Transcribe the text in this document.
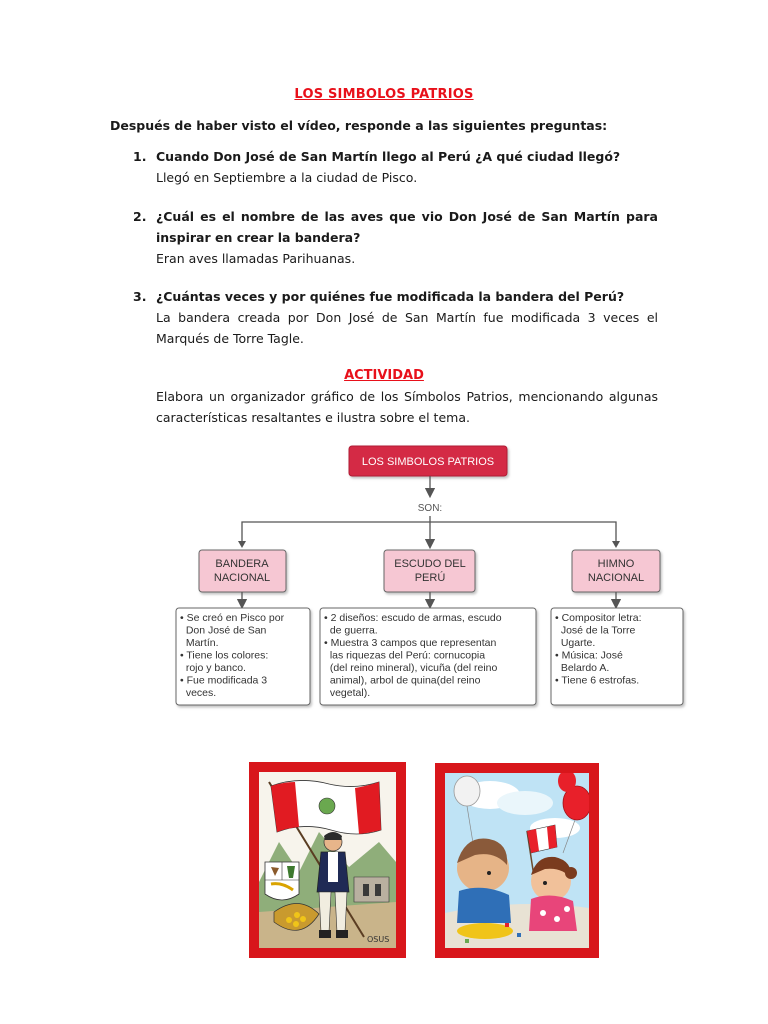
LOS SIMBOLOS PATRIOS
Después de haber visto el vídeo, responde a las siguientes preguntas:
1. Cuando Don José de San Martín llego al Perú ¿A qué ciudad llegó?
Llegó en Septiembre a la ciudad de Pisco.
2. ¿Cuál es el nombre de las aves que vio Don José de San Martín para inspirar en crear la bandera?
Eran aves llamadas Parihuanas.
3. ¿Cuántas veces y por quiénes fue modificada la bandera del Perú?
La bandera creada por Don José de San Martín fue modificada 3 veces el Marqués de Torre Tagle.
ACTIVIDAD
Elabora un organizador gráfico de los Símbolos Patrios, mencionando algunas características resaltantes e ilustra sobre el tema.
LOS SIMBOLOS PATRIOS
SON:
BANDERA
NACIONAL
ESCUDO DEL
PERÚ
HIMNO
NACIONAL
• Se creó en Pisco por
Don José de San
Martín.
• Tiene los colores:
rojo y banco.
• Fue modificada 3
veces.
• 2 diseños: escudo de armas, escudo
de guerra.
• Muestra 3 campos que representan
las riquezas del Perú: cornucopia
(del reino mineral), vicuña (del reino
animal), arbol de quina(del reino
vegetal).
• Compositor letra:
José de la Torre
Ugarte.
• Música: José
Belardo A.
• Tiene 6 estrofas.
OSUS
